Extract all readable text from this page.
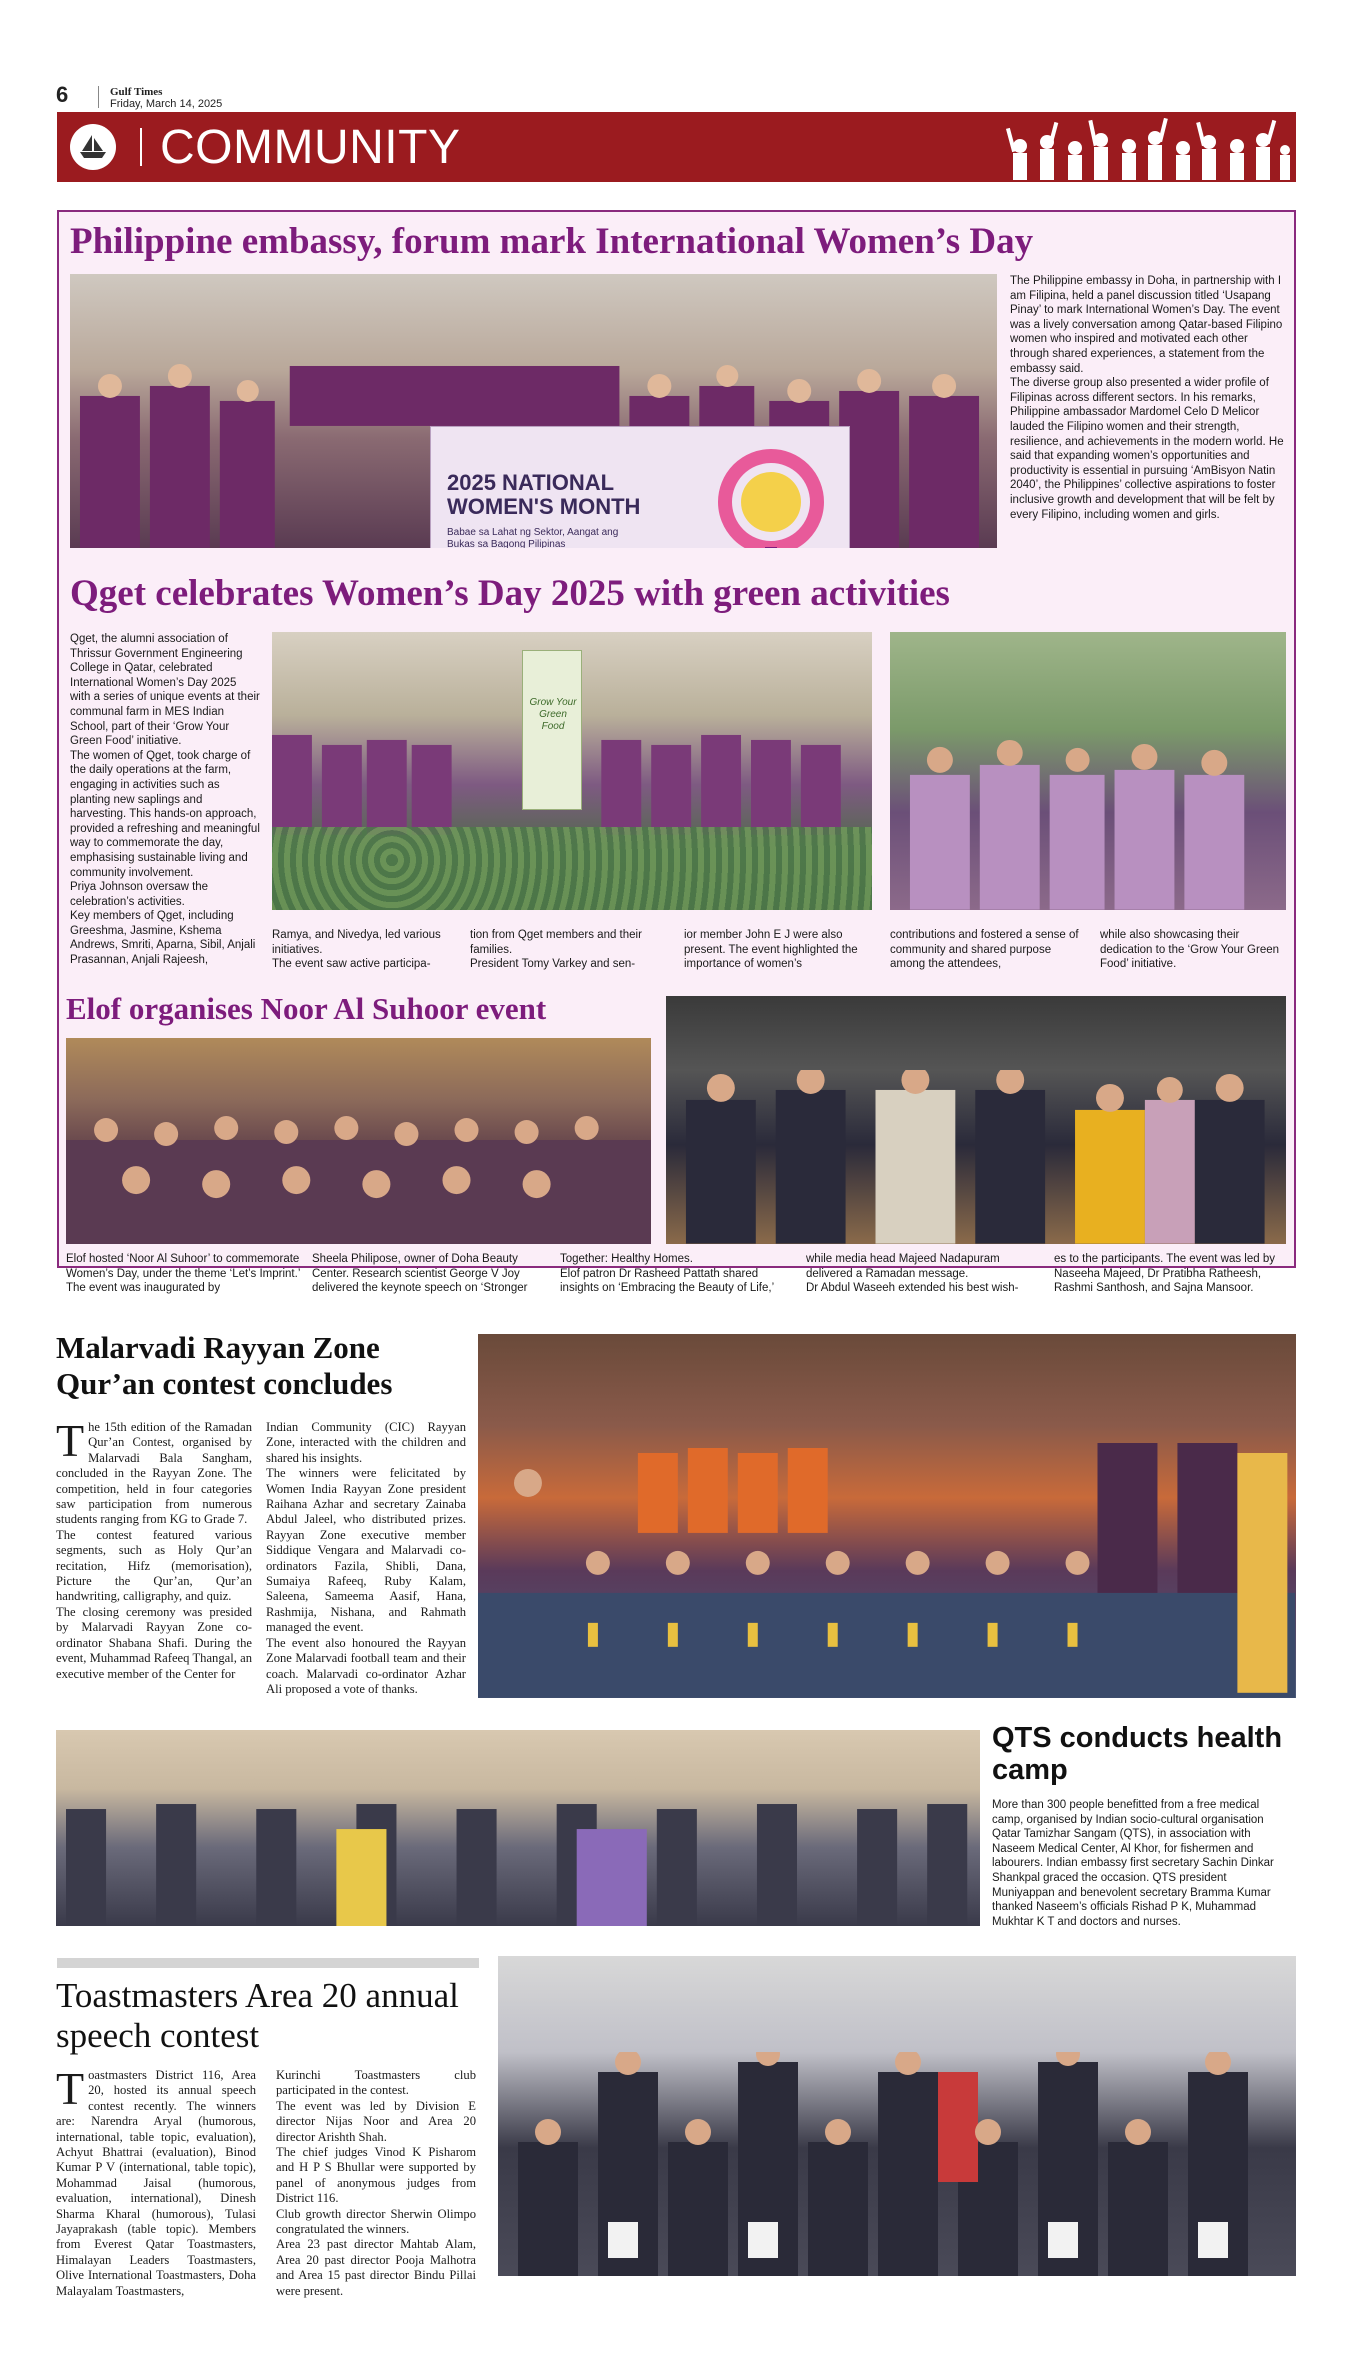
6	Gulf Times
Friday, March 14, 2025
COMMUNITY
Philippine embassy, forum mark International Women’s Day
2025 NATIONAL WOMEN'S MONTH
Babae sa Lahat ng Sektor, Aangat ang Bukas sa Bagong Pilipinas
The Philippine embassy in Doha, in partnership with I am Filipina, held a panel discussion titled ‘Usapang Pinay’ to mark International Women’s Day. The event was a lively conversation among Qatar-based Filipino women who inspired and motivated each other through shared experiences, a statement from the embassy said.
The diverse group also presented a wider profile of Filipinas across different sectors. In his remarks, Philippine ambassador Mardomel Celo D Melicor lauded the Filipino women and their strength, resilience, and achievements in the modern world. He said that expanding women’s opportunities and productivity is essential in pursuing ‘AmBisyon Natin 2040’, the Philippines’ collective aspirations to foster inclusive growth and development that will be felt by every Filipino, including women and girls.
Qget celebrates Women’s Day 2025 with green activities
Qget, the alumni association of Thrissur Government Engineering College in Qatar, celebrated International Women’s Day 2025 with a series of unique events at their communal farm in MES Indian School, part of their ‘Grow Your Green Food’ initiative.
The women of Qget, took charge of the daily operations at the farm, engaging in activities such as planting new saplings and harvesting. This hands-on approach, provided a refreshing and meaningful way to commemorate the day, emphasising sustainable living and community involvement.
Priya Johnson oversaw the celebration’s activities.
Key members of Qget, including Greeshma, Jasmine, Kshema Andrews, Smriti, Aparna, Sibil, Anjali Prasannan, Anjali Rajeesh,
Grow Your Green Food
Ramya, and Nivedya, led various initiatives.
The event saw active participa-
tion from Qget members and their families.
President Tomy Varkey and sen-
ior member John E J were also present. The event highlighted the importance of women’s
contributions and fostered a sense of community and shared purpose among the attendees,
while also showcasing their dedication to the ‘Grow Your Green Food’ initiative.
Elof organises Noor Al Suhoor event
Elof hosted ‘Noor Al Suhoor’ to commemorate Women’s Day, under the theme ‘Let’s Imprint.’ The event was inaugurated by
Sheela Philipose, owner of Doha Beauty Center. Research scientist George V Joy delivered the keynote speech on ‘Stronger
Together: Healthy Homes.
Elof patron Dr Rasheed Pattath shared insights on ‘Embracing the Beauty of Life,’
while media head Majeed Nadapuram delivered a Ramadan message.
Dr Abdul Waseeh extended his best wish-
es to the participants. The event was led by Naseeha Majeed, Dr Pratibha Ratheesh, Rashmi Santhosh, and Sajna Mansoor.
Malarvadi Rayyan Zone Qur’an contest concludes
The 15th edition of the Ramadan Qur’an Contest, organised by Malarvadi Bala Sangham, concluded in the Rayyan Zone. The competition, held in four categories saw participation from numerous students ranging from KG to Grade 7.
The contest featured various segments, such as Holy Qur’an recitation, Hifz (memorisation), Picture the Qur’an, Qur’an handwriting, calligraphy, and quiz.
The closing ceremony was presided by Malarvadi Rayyan Zone co-ordinator Shabana Shafi. During the event, Muhammad Rafeeq Thangal, an executive member of the Center for
Indian Community (CIC) Rayyan Zone, interacted with the children and shared his insights.
The winners were felicitated by Women India Rayyan Zone president Raihana Azhar and secretary Zainaba Abdul Jaleel, who distributed prizes. Rayyan Zone executive member Siddique Vengara and Malarvadi co-ordinators Fazila, Shibli, Dana, Sumaiya Rafeeq, Ruby Kalam, Saleena, Sameema Aasif, Hana, Rashmija, Nishana, and Rahmath managed the event.
The event also honoured the Rayyan Zone Malarvadi football team and their coach. Malarvadi co-ordinator Azhar Ali proposed a vote of thanks.
QTS conducts health camp
More than 300 people benefitted from a free medical camp, organised by Indian socio-cultural organisation Qatar Tamizhar Sangam (QTS), in association with Naseem Medical Center, Al Khor, for fishermen and labourers. Indian embassy first secretary Sachin Dinkar Shankpal graced the occasion. QTS president Muniyappan and benevolent secretary Bramma Kumar thanked Naseem’s officials Rishad P K, Muhammad Mukhtar K T and doctors and nurses.
Toastmasters Area 20 annual speech contest
Toastmasters District 116, Area 20, hosted its annual speech contest recently. The winners are: Narendra Aryal (humorous, international, table topic, evaluation), Achyut Bhattrai (evaluation), Binod Kumar P V (international, table topic), Mohammad Jaisal (humorous, evaluation, international), Dinesh Sharma Kharal (humorous), Tulasi Jayaprakash (table topic). Members from Everest Qatar Toastmasters, Himalayan Leaders Toastmasters, Olive International Toastmasters, Doha Malayalam Toastmasters,
Kurinchi Toastmasters club participated in the contest.
The event was led by Division E director Nijas Noor and Area 20 director Arishth Shah.
The chief judges Vinod K Pisharom and H P S Bhullar were supported by panel of anonymous judges from District 116.
Club growth director Sherwin Olimpo congratulated the winners.
Area 23 past director Mahtab Alam, Area 20 past director Pooja Malhotra and Area 15 past director Bindu Pillai were present.
